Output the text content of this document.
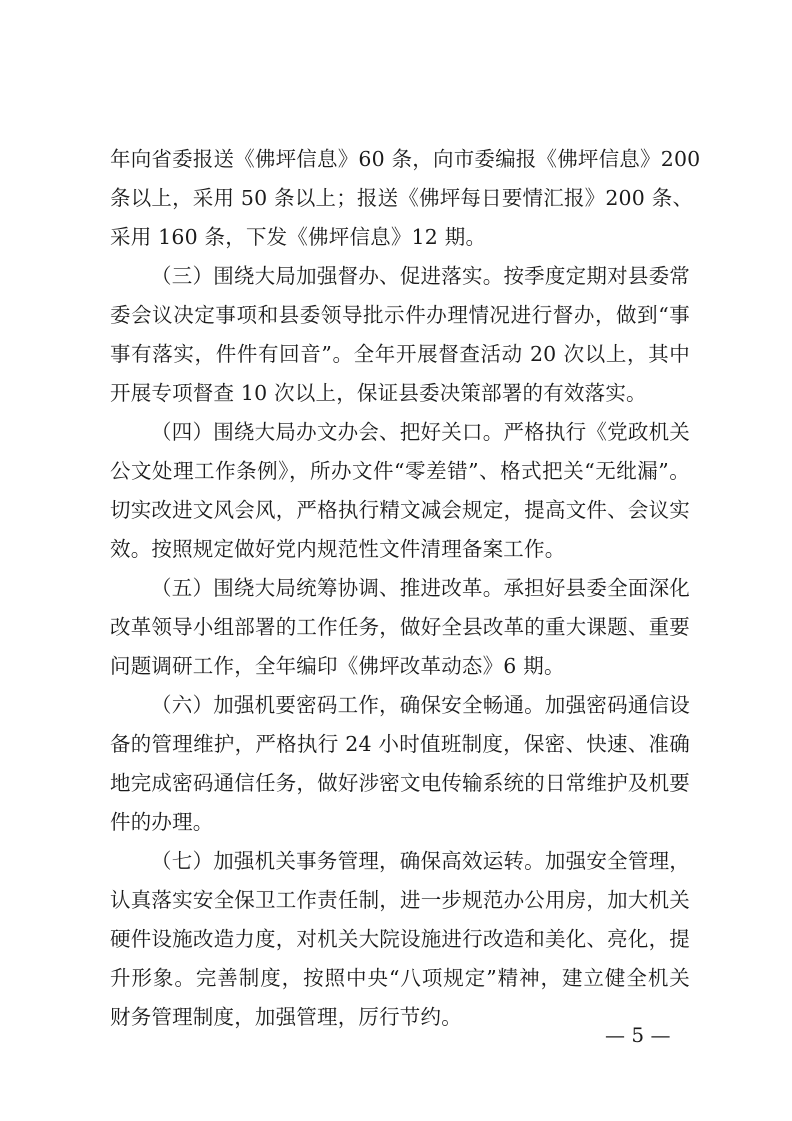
年向省委报送《佛坪信息》60 条，向市委编报《佛坪信息》200
条以上，采用 50 条以上；报送《佛坪每日要情汇报》200 条、
采用 160 条，下发《佛坪信息》12 期。
（三）围绕大局加强督办、促进落实。按季度定期对县委常
委会议决定事项和县委领导批示件办理情况进行督办，做到“事
事有落实，件件有回音”。全年开展督查活动 20 次以上，其中
开展专项督查 10 次以上，保证县委决策部署的有效落实。
（四）围绕大局办文办会、把好关口。严格执行《党政机关
公文处理工作条例》，所办文件“零差错”、格式把关“无纰漏”。
切实改进文风会风，严格执行精文减会规定，提高文件、会议实
效。按照规定做好党内规范性文件清理备案工作。
（五）围绕大局统筹协调、推进改革。承担好县委全面深化
改革领导小组部署的工作任务，做好全县改革的重大课题、重要
问题调研工作，全年编印《佛坪改革动态》6 期。
（六）加强机要密码工作，确保安全畅通。加强密码通信设
备的管理维护，严格执行 24 小时值班制度，保密、快速、准确
地完成密码通信任务，做好涉密文电传输系统的日常维护及机要
件的办理。
（七）加强机关事务管理，确保高效运转。加强安全管理，
认真落实安全保卫工作责任制，进一步规范办公用房，加大机关
硬件设施改造力度，对机关大院设施进行改造和美化、亮化，提
升形象。完善制度，按照中央“八项规定”精神，建立健全机关
财务管理制度，加强管理，厉行节约。
— 5 —
